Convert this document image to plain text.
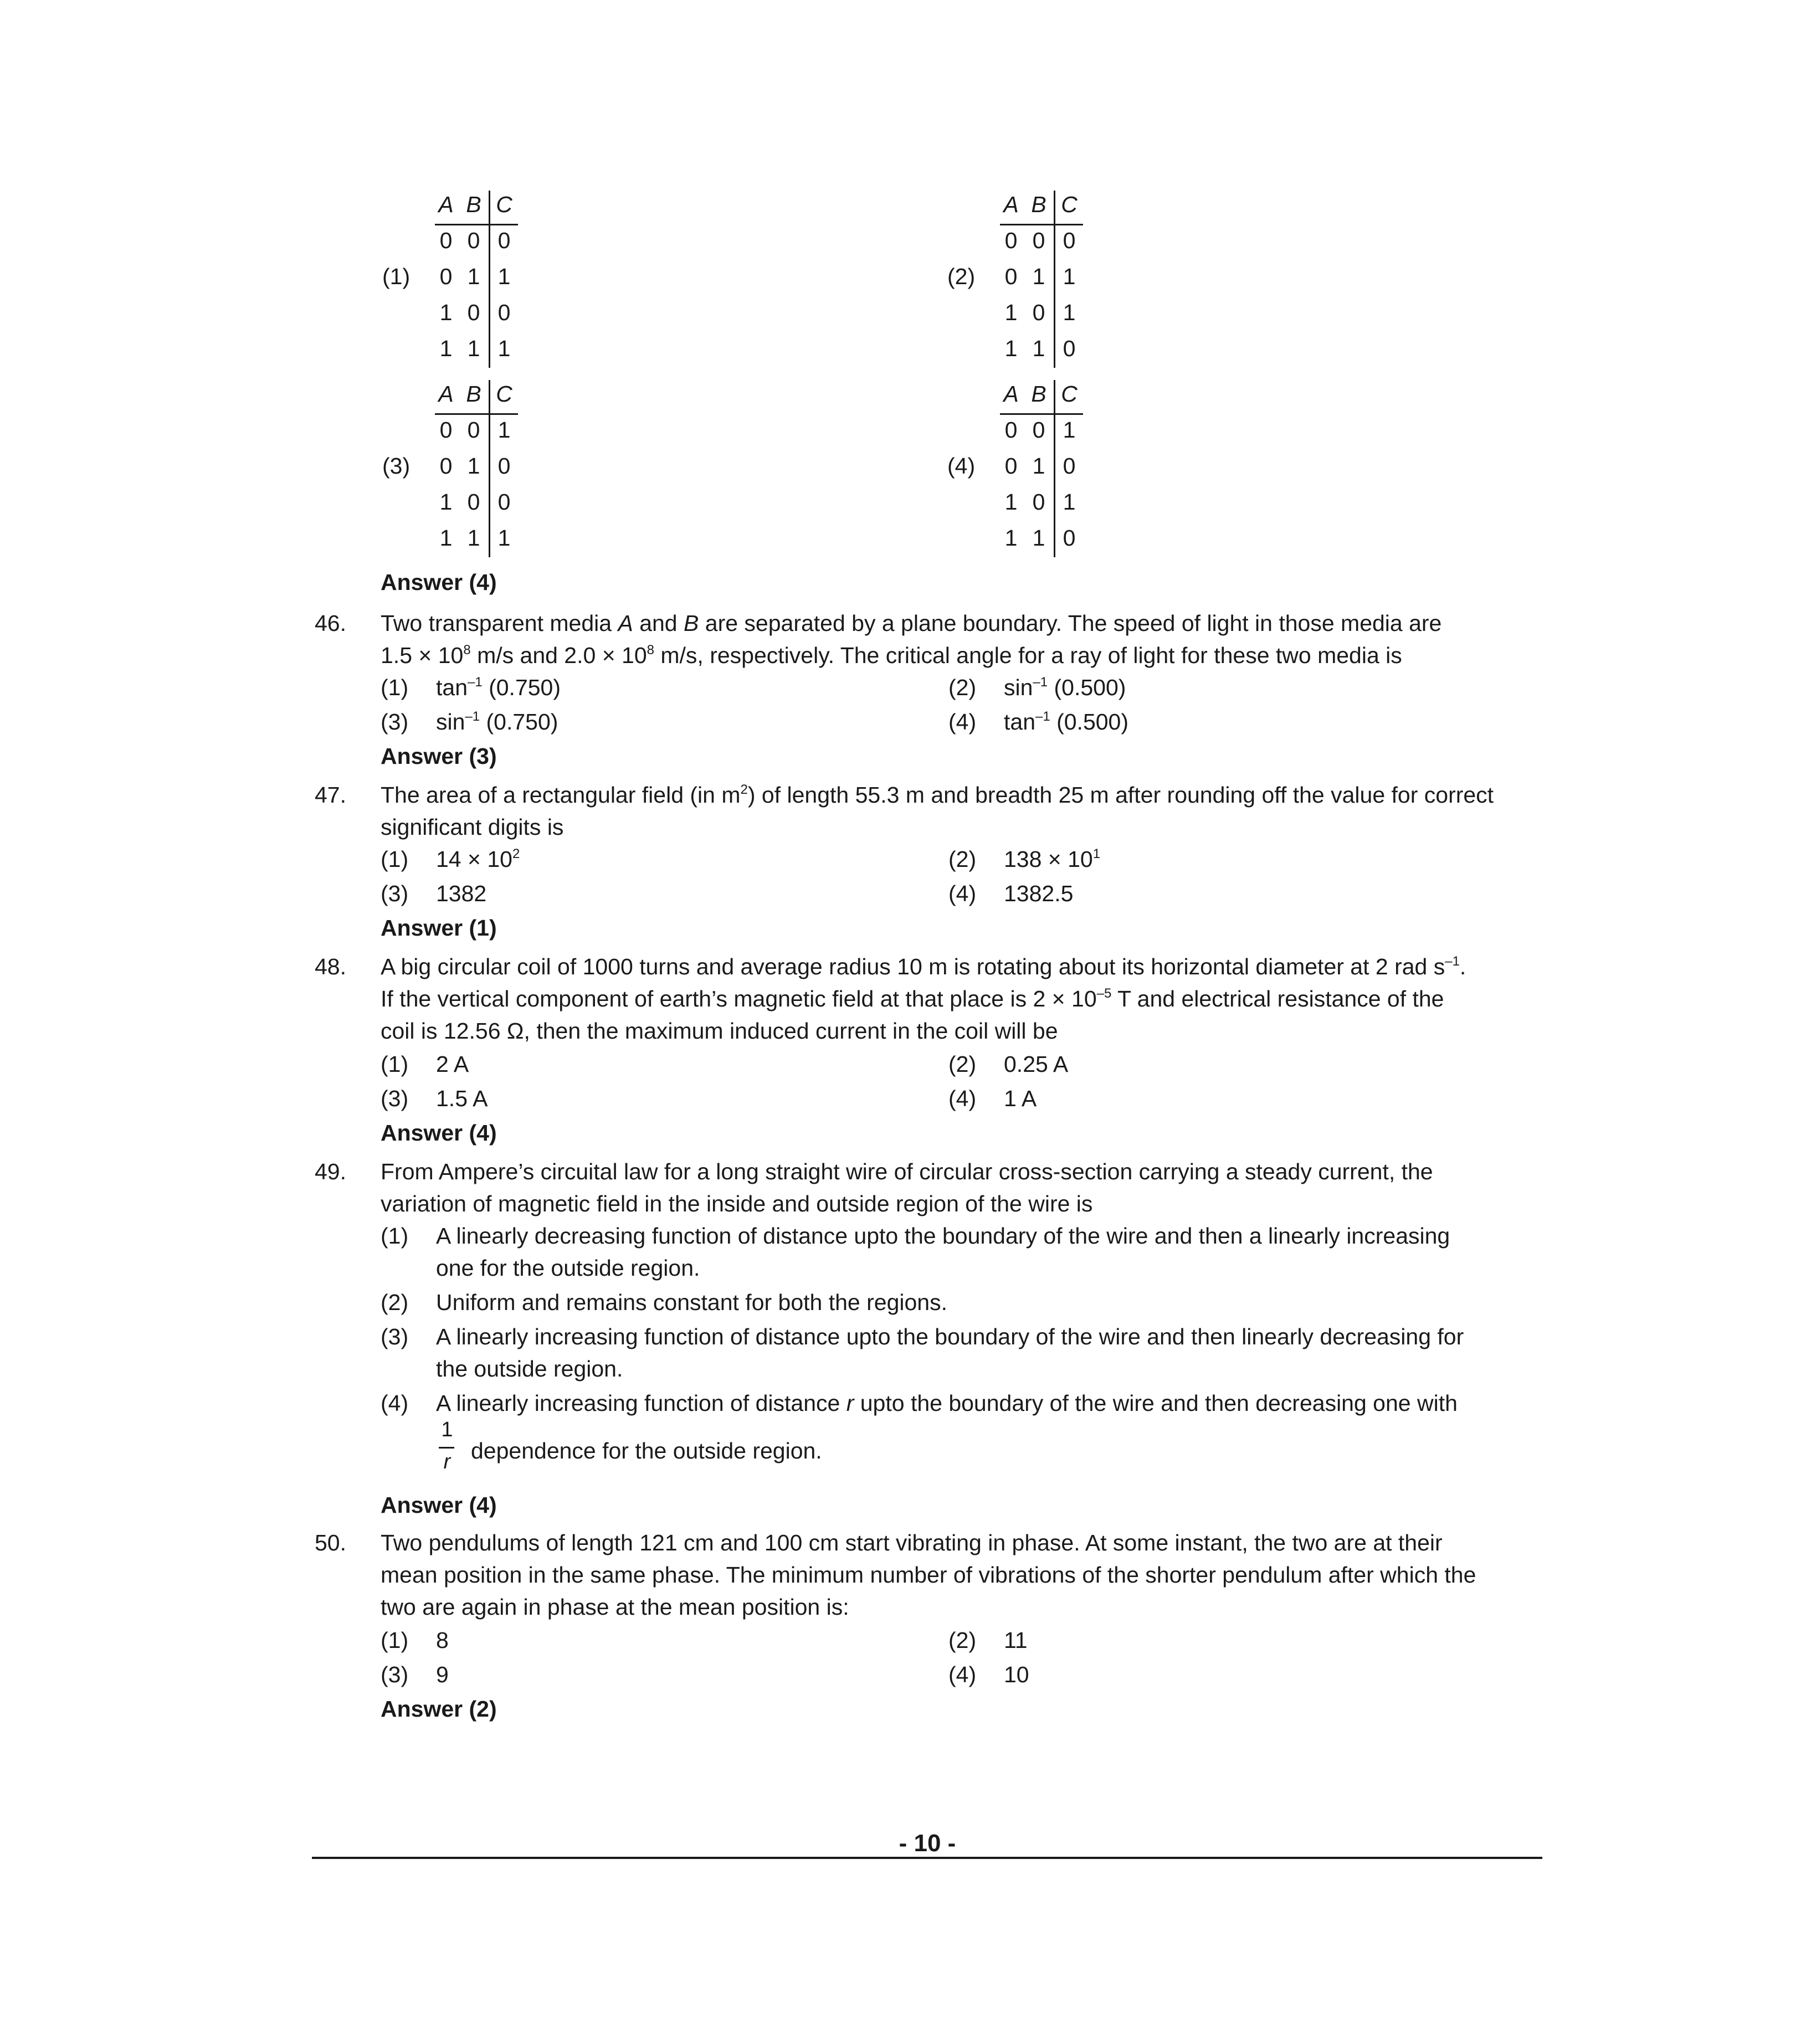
A B C
0 0 0
0 1 1
1 0 0
1 1 1
(1)
A B C
0 0 0
0 1 1
1 0 1
1 1 0
(2)
A B C
0 0 1
0 1 0
1 0 0
1 1 1
(3)
A B C
0 0 1
0 1 0
1 0 1
1 1 0
(4)
Answer (4)
46. Two transparent media A and B are separated by a plane boundary. The speed of light in those media are
$1.5 \times 10^8$ m/s and $2.0 \times 10^8$ m/s, respectively. The critical angle for a ray of light for these two media is
(1) $\tan^{-1} (0.750)$	(2) $\sin^{-1} (0.500)$
(3) $\sin^{-1} (0.750)$	(4) $\tan^{-1} (0.500)$
Answer (3)
47. The area of a rectangular field (in $m^2$) of length 55.3 m and breadth 25 m after rounding off the value for correct
significant digits is
(1) $14 \times 10^2$	(2) $138 \times 10^1$
(3) 1382	(4) 1382.5
Answer (1)
48. A big circular coil of 1000 turns and average radius 10 m is rotating about its horizontal diameter at 2 rad $s^{-1}$.
If the vertical component of earth’s magnetic field at that place is $2 \times 10^{-5}$ T and electrical resistance of the
coil is 12.56 Ω, then the maximum induced current in the coil will be
(1) 2 A	(2) 0.25 A
(3) 1.5 A	(4) 1 A
Answer (4)
49. From Ampere’s circuital law for a long straight wire of circular cross-section carrying a steady current, the
variation of magnetic field in the inside and outside region of the wire is
(1) A linearly decreasing function of distance upto the boundary of the wire and then a linearly increasing
one for the outside region.
(2) Uniform and remains constant for both the regions.
(3) A linearly increasing function of distance upto the boundary of the wire and then linearly decreasing for
the outside region.
(4) A linearly increasing function of distance r upto the boundary of the wire and then decreasing one with
1
r dependence for the outside region.
Answer (4)
50. Two pendulums of length 121 cm and 100 cm start vibrating in phase. At some instant, the two are at their
mean position in the same phase. The minimum number of vibrations of the shorter pendulum after which the
two are again in phase at the mean position is:
(1) 8	(2) 11
(3) 9	(4) 10
Answer (2)
- 10 -
